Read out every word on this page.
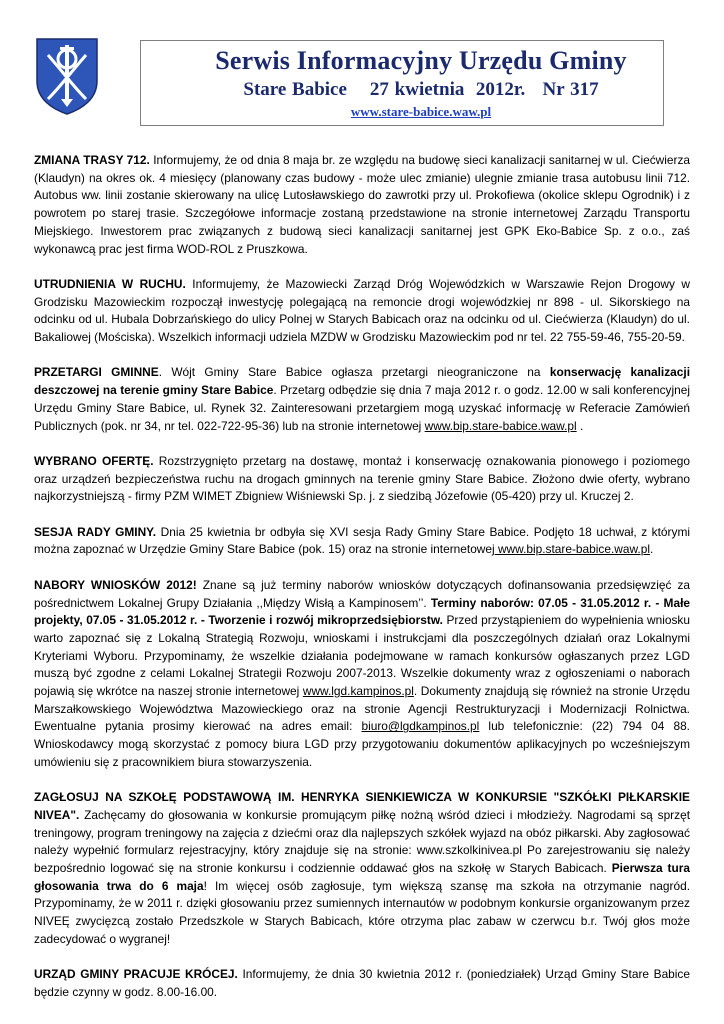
Serwis Informacyjny Urzędu Gminy
Stare Babice    27 kwietnia  2012r.   Nr 317
www.stare-babice.waw.pl

ZMIANA TRASY 712. Informujemy, że od dnia 8 maja br. ze względu na budowę sieci kanalizacji sanitarnej w ul. Ciećwierza (Klaudyn) na okres ok. 4 miesięcy (planowany czas budowy - może ulec zmianie) ulegnie zmianie trasa autobusu linii 712. Autobus ww. linii zostanie skierowany na ulicę Lutosławskiego do zawrotki przy ul. Prokofiewa (okolice sklepu Ogrodnik) i z powrotem po starej trasie. Szczegółowe informacje zostaną przedstawione na stronie internetowej Zarządu Transportu Miejskiego. Inwestorem prac związanych z budową sieci kanalizacji sanitarnej jest GPK Eko-Babice Sp. z o.o., zaś wykonawcą prac jest firma WOD-ROL z Pruszkowa.

UTRUDNIENIA W RUCHU. Informujemy, że Mazowiecki Zarząd Dróg Wojewódzkich w Warszawie Rejon Drogowy w Grodzisku Mazowieckim rozpoczął inwestycję polegającą na remoncie drogi wojewódzkiej nr 898 - ul. Sikorskiego na odcinku od ul. Hubala Dobrzańskiego do ulicy Polnej w Starych Babicach oraz na odcinku od ul. Ciećwierza (Klaudyn) do ul. Bakaliowej (Mościska). Wszelkich informacji udziela MZDW w Grodzisku Mazowieckim pod nr tel. 22 755-59-46, 755-20-59.

PRZETARGI GMINNE. Wójt Gminy Stare Babice ogłasza przetargi nieograniczone na konserwację kanalizacji deszczowej na terenie gminy Stare Babice. Przetarg odbędzie się dnia 7 maja 2012 r. o godz. 12.00 w sali konferencyjnej Urzędu Gminy Stare Babice, ul. Rynek 32. Zainteresowani przetargiem mogą uzyskać informację w Referacie Zamówień Publicznych (pok. nr 34, nr tel. 022-722-95-36) lub na stronie internetowej www.bip.stare-babice.waw.pl .

WYBRANO OFERTĘ. Rozstrzygnięto przetarg na dostawę, montaż i konserwację oznakowania pionowego i poziomego oraz urządzeń bezpieczeństwa ruchu na drogach gminnych na terenie gminy Stare Babice. Złożono dwie oferty, wybrano najkorzystniejszą - firmy PZM WIMET Zbigniew Wiśniewski Sp. j. z siedzibą Józefowie (05-420) przy ul. Kruczej 2.

SESJA RADY GMINY. Dnia 25 kwietnia br odbyła się XVI sesja Rady Gminy Stare Babice. Podjęto 18 uchwał, z którymi można zapoznać w Urzędzie Gminy Stare Babice (pok. 15) oraz na stronie internetowej www.bip.stare-babice.waw.pl.

NABORY WNIOSKÓW 2012! Znane są już terminy naborów wniosków dotyczących dofinansowania przedsięwzięć za pośrednictwem Lokalnej Grupy Działania ,,Między Wisłą a Kampinosem’’. Terminy naborów: 07.05 - 31.05.2012 r. - Małe projekty, 07.05 - 31.05.2012 r. - Tworzenie i rozwój mikroprzedsiębiorstw. Przed przystąpieniem do wypełnienia wniosku warto zapoznać się z Lokalną Strategią Rozwoju, wnioskami i instrukcjami dla poszczególnych działań oraz Lokalnymi Kryteriami Wyboru. Przypominamy, że wszelkie działania podejmowane w ramach konkursów ogłaszanych przez LGD muszą być zgodne z celami Lokalnej Strategii Rozwoju 2007-2013. Wszelkie dokumenty wraz z ogłoszeniami o naborach pojawią się wkrótce na naszej stronie internetowej www.lgd.kampinos.pl. Dokumenty znajdują się również na stronie Urzędu Marszałkowskiego Województwa Mazowieckiego oraz na stronie Agencji Restrukturyzacji i Modernizacji Rolnictwa. Ewentualne pytania prosimy kierować na adres email: biuro@lgdkampinos.pl lub telefonicznie: (22) 794 04 88. Wnioskodawcy mogą skorzystać z pomocy biura LGD przy przygotowaniu dokumentów aplikacyjnych po wcześniejszym umówieniu się z pracownikiem biura stowarzyszenia.

ZAGŁOSUJ NA SZKOŁĘ PODSTAWOWĄ IM. HENRYKA SIENKIEWICZA W KONKURSIE "SZKÓŁKI PIŁKARSKIE NIVEA". Zachęcamy do głosowania w konkursie promującym piłkę nożną wśród dzieci i młodzieży. Nagrodami są sprzęt treningowy, program treningowy na zajęcia z dziećmi oraz dla najlepszych szkółek wyjazd na obóz piłkarski. Aby zagłosować należy wypełnić formularz rejestracyjny, który znajduje się na stronie: www.szkolkinivea.pl Po zarejestrowaniu się należy bezpośrednio logować się na stronie konkursu i codziennie oddawać głos na szkołę w Starych Babicach. Pierwsza tura głosowania trwa do 6 maja! Im więcej osób zagłosuje, tym większą szansę ma szkoła na otrzymanie nagród. Przypominamy, że w 2011 r. dzięki głosowaniu przez sumiennych internautów w podobnym konkursie organizowanym przez NIVEĘ zwycięzcą zostało Przedszkole w Starych Babicach, które otrzyma plac zabaw w czerwcu b.r. Twój głos może zadecydować o wygranej!

URZĄD GMINY PRACUJE KRÓCEJ. Informujemy, że dnia 30 kwietnia 2012 r. (poniedziałek) Urząd Gminy Stare Babice będzie czynny w godz. 8.00-16.00.
